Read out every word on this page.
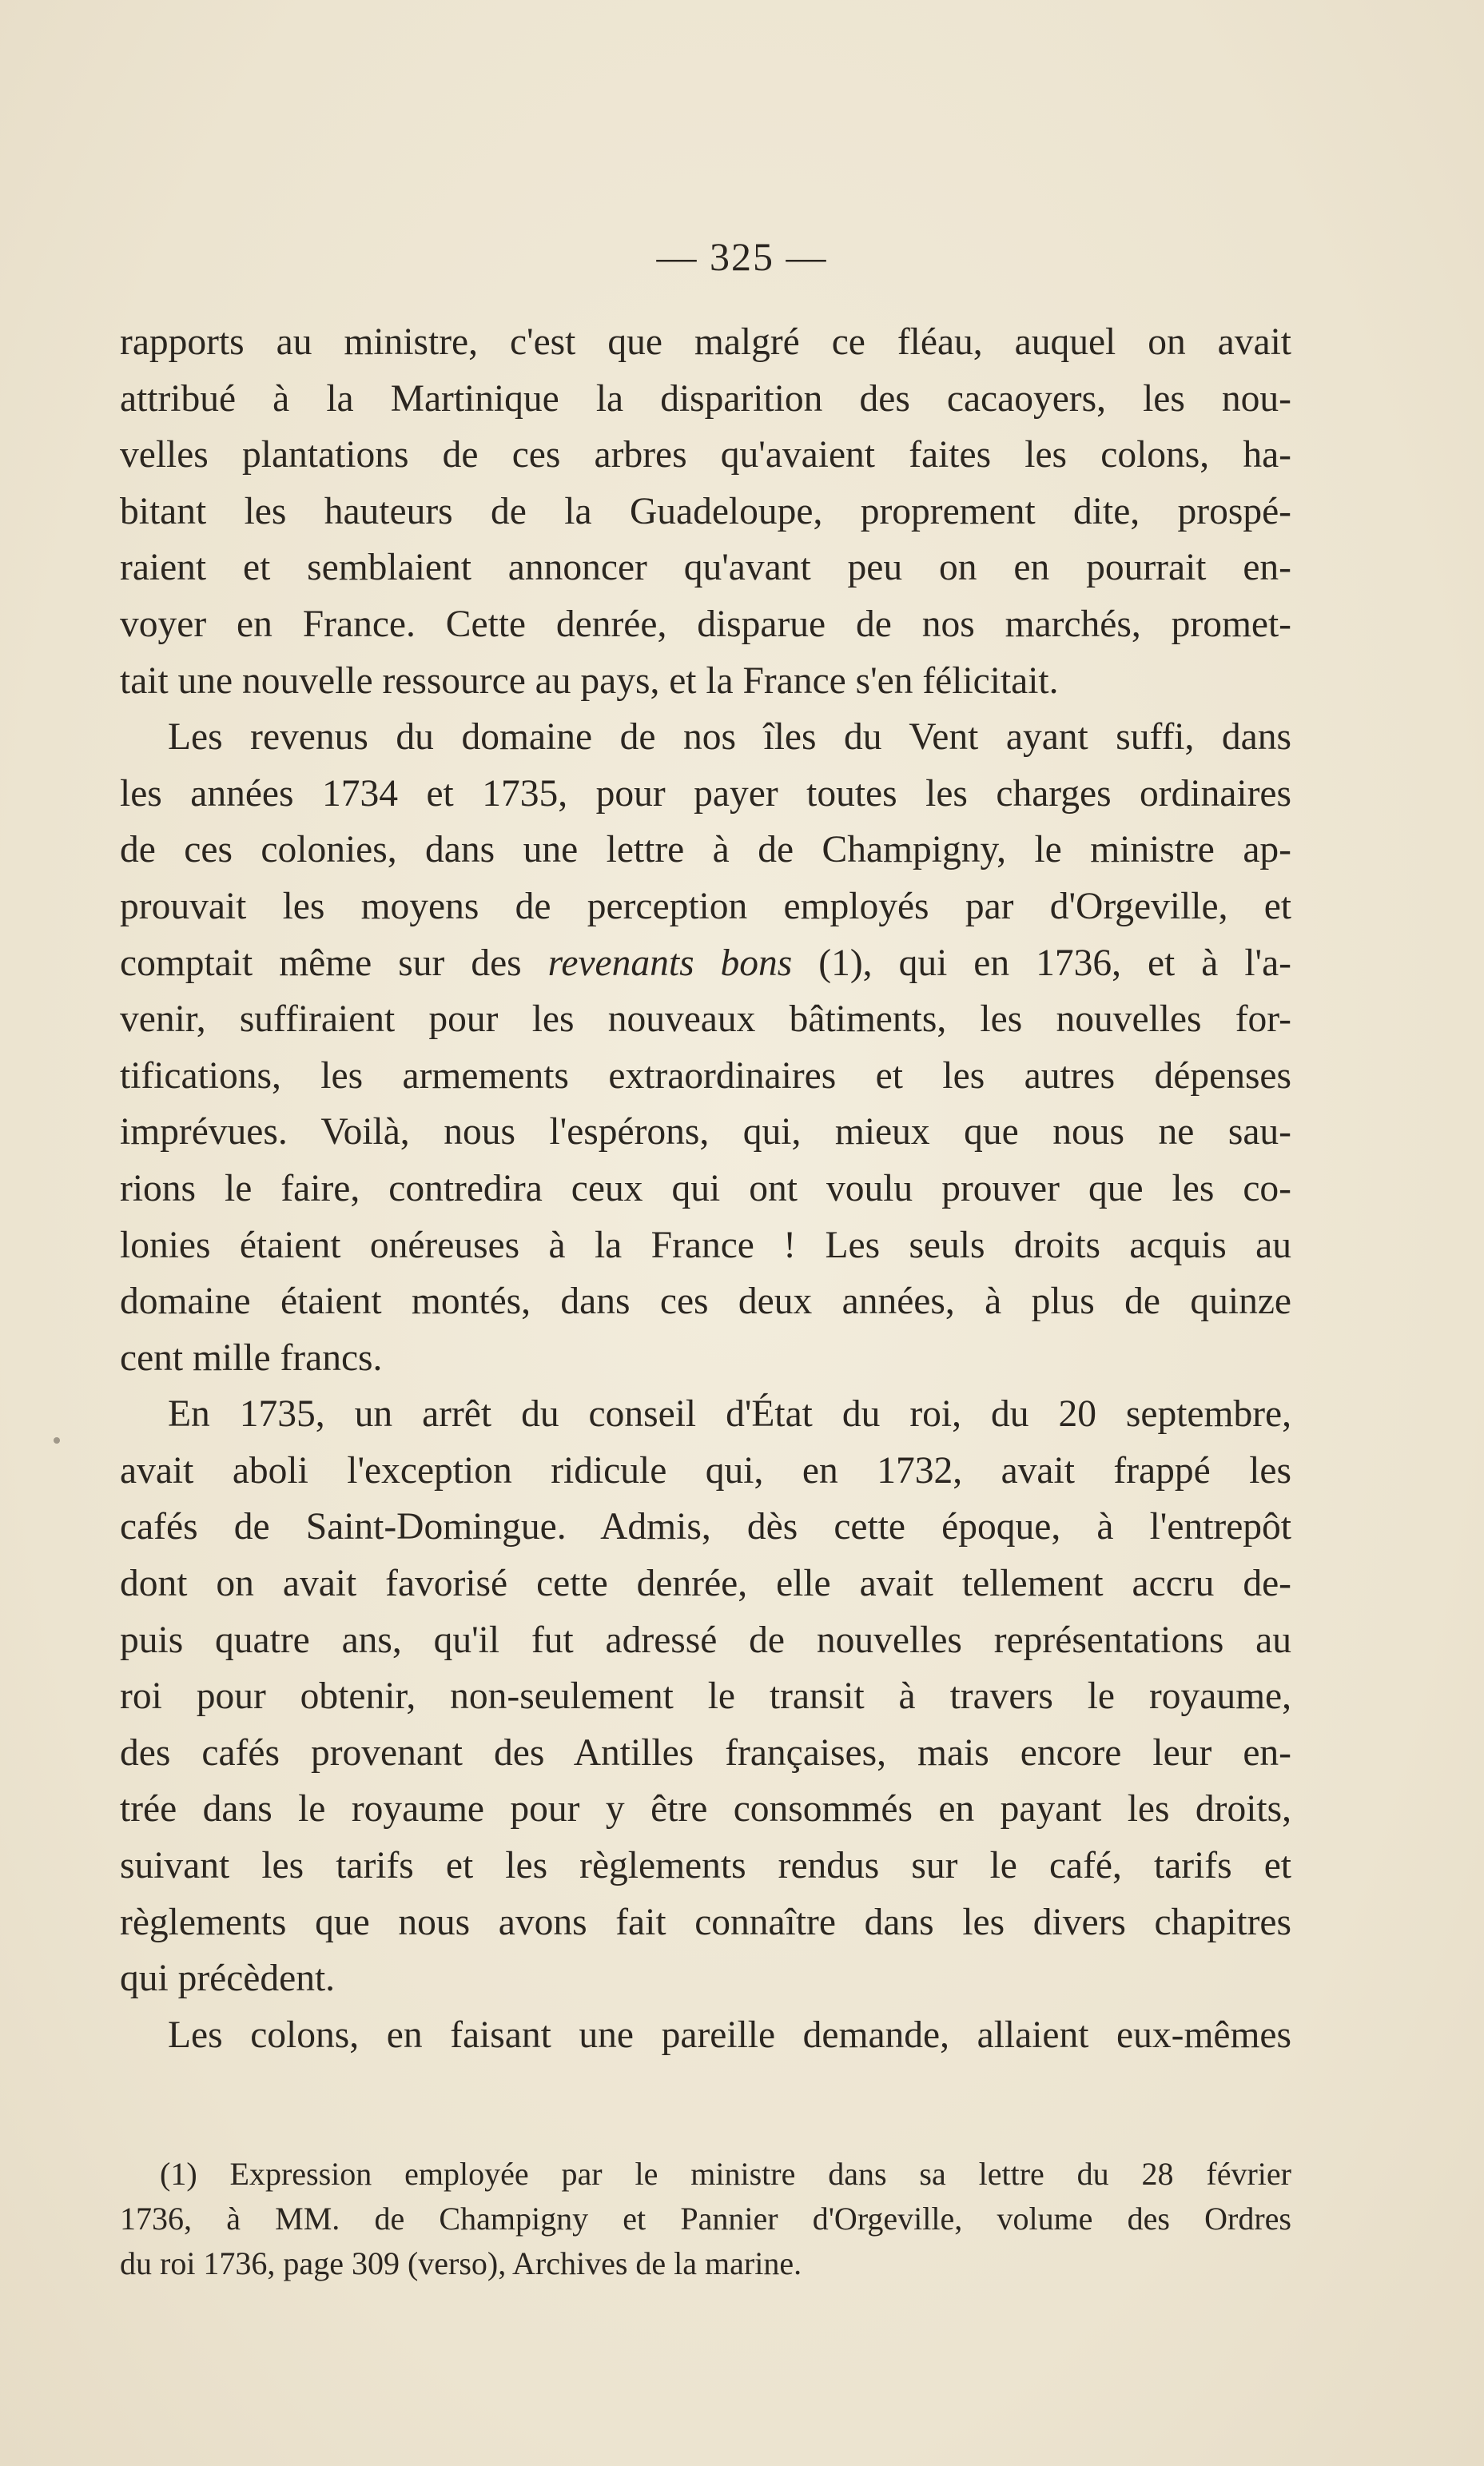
— 325 —
rapports au ministre, c'est que malgré ce fléau, auquel on avait
attribué à la Martinique la disparition des cacaoyers, les nou-
velles plantations de ces arbres qu'avaient faites les colons, ha-
bitant les hauteurs de la Guadeloupe, proprement dite, prospé-
raient et semblaient annoncer qu'avant peu on en pourrait en-
voyer en France. Cette denrée, disparue de nos marchés, promet-
tait une nouvelle ressource au pays, et la France s'en félicitait.
Les revenus du domaine de nos îles du Vent ayant suffi, dans
les années 1734 et 1735, pour payer toutes les charges ordinaires
de ces colonies, dans une lettre à de Champigny, le ministre ap-
prouvait les moyens de perception employés par d'Orgeville, et
comptait même sur des revenants bons (1), qui en 1736, et à l'a-
venir, suffiraient pour les nouveaux bâtiments, les nouvelles for-
tifications, les armements extraordinaires et les autres dépenses
imprévues. Voilà, nous l'espérons, qui, mieux que nous ne sau-
rions le faire, contredira ceux qui ont voulu prouver que les co-
lonies étaient onéreuses à la France ! Les seuls droits acquis au
domaine étaient montés, dans ces deux années, à plus de quinze
cent mille francs.
En 1735, un arrêt du conseil d'État du roi, du 20 septembre,
avait aboli l'exception ridicule qui, en 1732, avait frappé les
cafés de Saint-Domingue. Admis, dès cette époque, à l'entrepôt
dont on avait favorisé cette denrée, elle avait tellement accru de-
puis quatre ans, qu'il fut adressé de nouvelles représentations au
roi pour obtenir, non-seulement le transit à travers le royaume,
des cafés provenant des Antilles françaises, mais encore leur en-
trée dans le royaume pour y être consommés en payant les droits,
suivant les tarifs et les règlements rendus sur le café, tarifs et
règlements que nous avons fait connaître dans les divers chapitres
qui précèdent.
Les colons, en faisant une pareille demande, allaient eux-mêmes
(1) Expression employée par le ministre dans sa lettre du 28 février
1736, à MM. de Champigny et Pannier d'Orgeville, volume des Ordres
du roi 1736, page 309 (verso), Archives de la marine.
